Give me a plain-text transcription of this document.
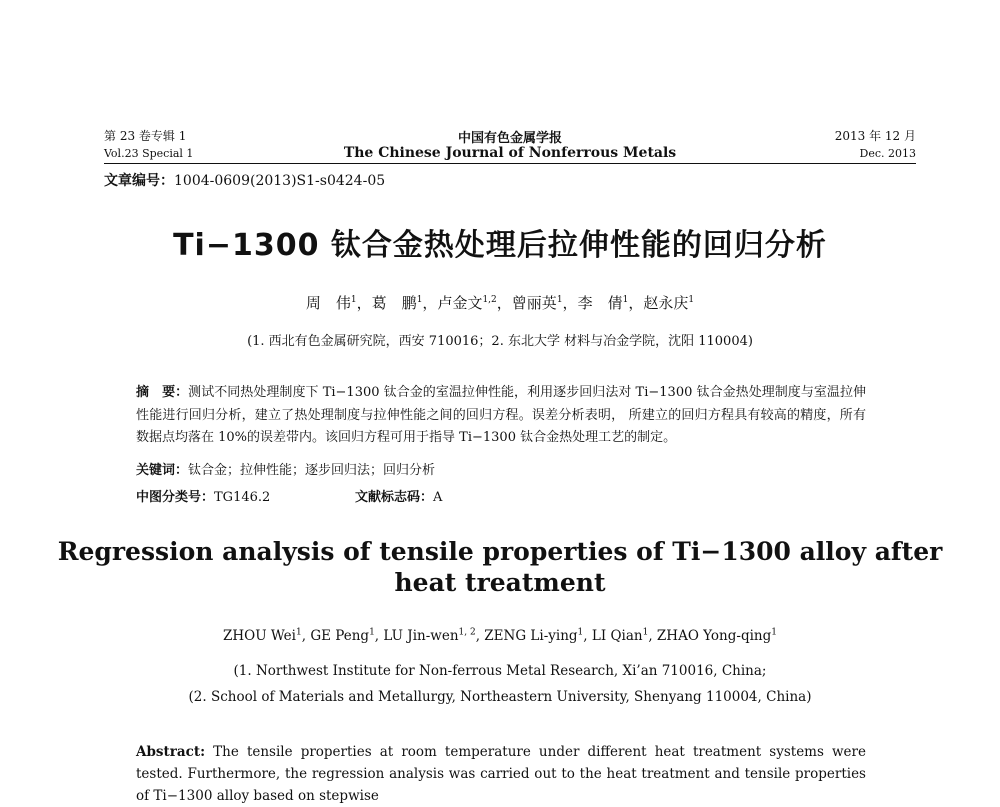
第 23 卷专辑 1	中国有色金属学报	2013 年 12 月
Vol.23 Special 1	The Chinese Journal of Nonferrous Metals	Dec. 2013
文章编号：1004-0609(2013)S1-s0424-05
Ti−1300 钛合金热处理后拉伸性能的回归分析
周　伟$^1$，葛　鹏$^1$，卢金文$^{1,2}$，曾丽英$^1$，李　倩$^1$，赵永庆$^1$
(1. 西北有色金属研究院，西安 710016；2. 东北大学 材料与冶金学院，沈阳 110004)
摘　要：测试不同热处理制度下 Ti−1300 钛合金的室温拉伸性能，利用逐步回归法对 Ti−1300 钛合金热处理制度与室温拉伸性能进行回归分析，建立了热处理制度与拉伸性能之间的回归方程。误差分析表明， 所建立的回归方程具有较高的精度，所有数据点均落在 10%的误差带内。该回归方程可用于指导 Ti−1300 钛合金热处理工艺的制定。
关键词：钛合金；拉伸性能；逐步回归法；回归分析
中图分类号：TG146.2	文献标志码：A
Regression analysis of tensile properties of Ti−1300 alloy after
heat treatment
ZHOU Wei$^1$, GE Peng$^1$, LU Jin-wen$^{1, 2}$, ZENG Li-ying$^1$, LI Qian$^1$, ZHAO Yong-qing$^1$
(1. Northwest Institute for Non-ferrous Metal Research, Xi’an 710016, China;
(2. School of Materials and Metallurgy, Northeastern University, Shenyang 110004, China)
Abstract: The tensile properties at room temperature under different heat treatment systems were tested. Furthermore, the regression analysis was carried out to the heat treatment and tensile properties of Ti−1300 alloy based on stepwise
